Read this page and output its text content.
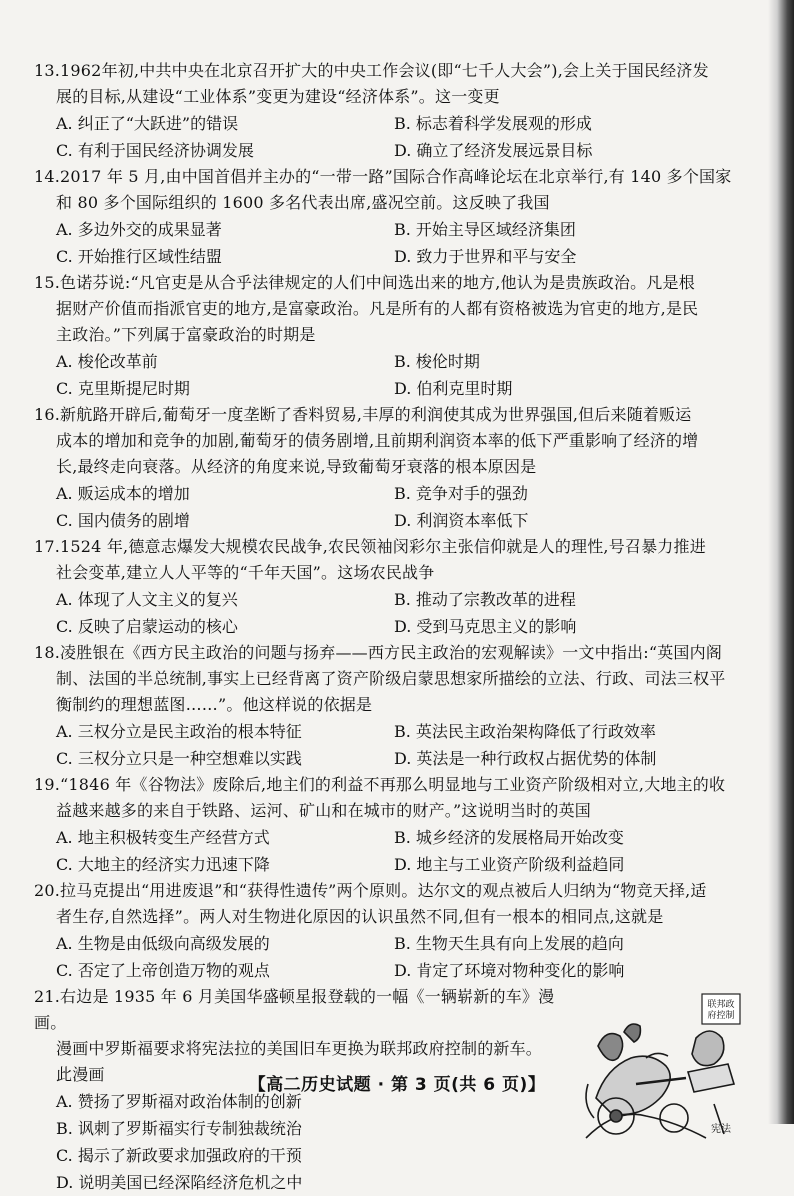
13.1962年初,中共中央在北京召开扩大的中央工作会议(即“七千人大会”),会上关于国民经济发

展的目标,从建设“工业体系”变更为建设“经济体系”。这一变更

A. 纠正了“大跃进”的错误	B. 标志着科学发展观的形成
C. 有利于国民经济协调发展	D. 确立了经济发展远景目标

14.2017 年 5 月,由中国首倡并主办的“一带一路”国际合作高峰论坛在北京举行,有 140 多个国家

和 80 多个国际组织的 1600 多名代表出席,盛况空前。这反映了我国

A. 多边外交的成果显著	B. 开始主导区域经济集团
C. 开始推行区域性结盟	D. 致力于世界和平与安全

15.色诺芬说:“凡官吏是从合乎法律规定的人们中间选出来的地方,他认为是贵族政治。凡是根

据财产价值而指派官吏的地方,是富豪政治。凡是所有的人都有资格被选为官吏的地方,是民

主政治。”下列属于富豪政治的时期是

A. 梭伦改革前	B. 梭伦时期
C. 克里斯提尼时期	D. 伯利克里时期

16.新航路开辟后,葡萄牙一度垄断了香料贸易,丰厚的利润使其成为世界强国,但后来随着贩运

成本的增加和竞争的加剧,葡萄牙的债务剧增,且前期利润资本率的低下严重影响了经济的增

长,最终走向衰落。从经济的角度来说,导致葡萄牙衰落的根本原因是

A. 贩运成本的增加	B. 竞争对手的强劲
C. 国内债务的剧增	D. 利润资本率低下

17.1524 年,德意志爆发大规模农民战争,农民领袖闵彩尔主张信仰就是人的理性,号召暴力推进

社会变革,建立人人平等的“千年天国”。这场农民战争

A. 体现了人文主义的复兴	B. 推动了宗教改革的进程
C. 反映了启蒙运动的核心	D. 受到马克思主义的影响

18.凌胜银在《西方民主政治的问题与扬弃——西方民主政治的宏观解读》一文中指出:“英国内阁

制、法国的半总统制,事实上已经背离了资产阶级启蒙思想家所描绘的立法、行政、司法三权平

衡制约的理想蓝图……”。他这样说的依据是

A. 三权分立是民主政治的根本特征	B. 英法民主政治架构降低了行政效率
C. 三权分立只是一种空想难以实践	D. 英法是一种行政权占据优势的体制

19.“1846 年《谷物法》废除后,地主们的利益不再那么明显地与工业资产阶级相对立,大地主的收

益越来越多的来自于铁路、运河、矿山和在城市的财产。”这说明当时的英国

A. 地主积极转变生产经营方式	B. 城乡经济的发展格局开始改变
C. 大地主的经济实力迅速下降	D. 地主与工业资产阶级利益趋同

20.拉马克提出“用进废退”和“获得性遗传”两个原则。达尔文的观点被后人归纳为“物竞天择,适

者生存,自然选择”。两人对生物进化原因的认识虽然不同,但有一根本的相同点,这就是

A. 生物是由低级向高级发展的	B. 生物天生具有向上发展的趋向
C. 否定了上帝创造万物的观点	D. 肯定了环境对物种变化的影响

21.右边是 1935 年 6 月美国华盛顿星报登载的一幅《一辆崭新的车》漫画。

漫画中罗斯福要求将宪法拉的美国旧车更换为联邦政府控制的新车。

此漫画

A. 赞扬了罗斯福对政治体制的创新
B. 讽刺了罗斯福实行专制独裁统治
C. 揭示了新政要求加强政府的干预
D. 说明美国已经深陷经济危机之中
联邦政府控制
宪法
【高二历史试题 · 第 3 页(共 6 页)】
